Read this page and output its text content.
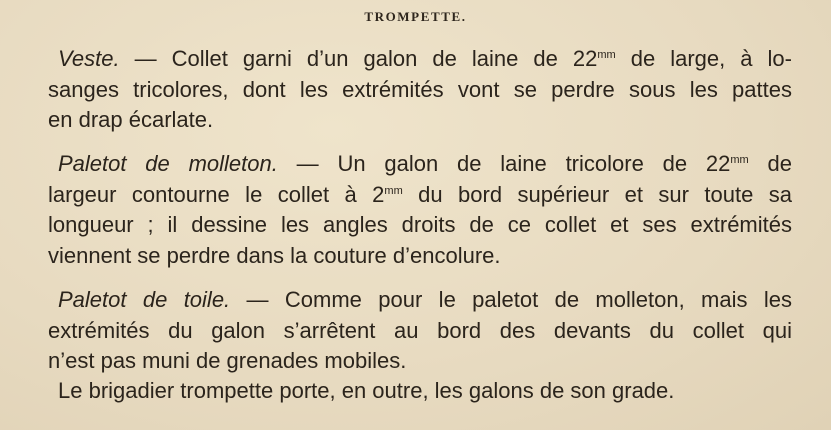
TROMPETTE.

Veste. — Collet garni d’un galon de laine de $22^{mm}$ de large, à lo-
sanges tricolores, dont les extrémités vont se perdre sous les pattes
en drap écarlate.

Paletot de molleton. — Un galon de laine tricolore de $22^{mm}$ de
largeur contourne le collet à $2^{mm}$ du bord supérieur et sur toute sa
longueur ; il dessine les angles droits de ce collet et ses extrémités
viennent se perdre dans la couture d’encolure.

Paletot de toile. — Comme pour le paletot de molleton, mais les
extrémités du galon s’arrêtent au bord des devants du collet qui
n’est pas muni de grenades mobiles.

Le brigadier trompette porte, en outre, les galons de son grade.
